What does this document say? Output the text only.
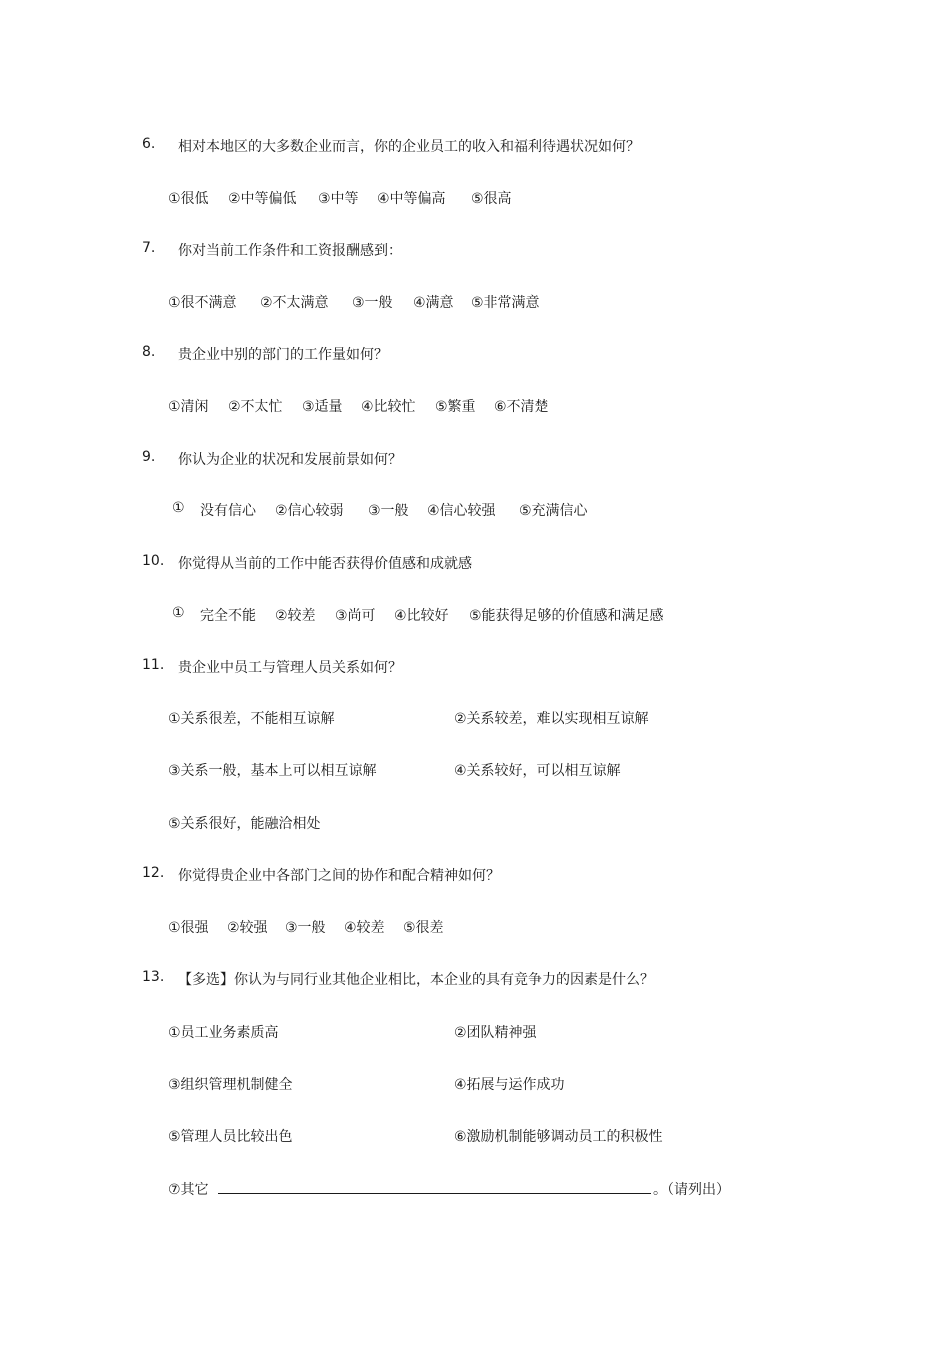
6. 相对本地区的大多数企业而言，你的企业员工的收入和福利待遇状况如何？
①很低 ②中等偏低 ③中等 ④中等偏高 ⑤很高
7. 你对当前工作条件和工资报酬感到：
①很不满意 ②不太满意 ③一般 ④满意 ⑤非常满意
8. 贵企业中别的部门的工作量如何？
①清闲 ②不太忙 ③适量 ④比较忙 ⑤繁重 ⑥不清楚
9. 你认为企业的状况和发展前景如何？
① 没有信心 ②信心较弱 ③一般 ④信心较强 ⑤充满信心
10. 你觉得从当前的工作中能否获得价值感和成就感
① 完全不能 ②较差 ③尚可 ④比较好 ⑤能获得足够的价值感和满足感
11. 贵企业中员工与管理人员关系如何？
①关系很差，不能相互谅解	②关系较差，难以实现相互谅解
③关系一般，基本上可以相互谅解	④关系较好，可以相互谅解
⑤关系很好，能融洽相处
12. 你觉得贵企业中各部门之间的协作和配合精神如何？
①很强 ②较强 ③一般 ④较差 ⑤很差
13. 【多选】你认为与同行业其他企业相比，本企业的具有竞争力的因素是什么？
①员工业务素质高	②团队精神强
③组织管理机制健全	④拓展与运作成功
⑤管理人员比较出色	⑥激励机制能够调动员工的积极性
⑦其它	。（请列出）
